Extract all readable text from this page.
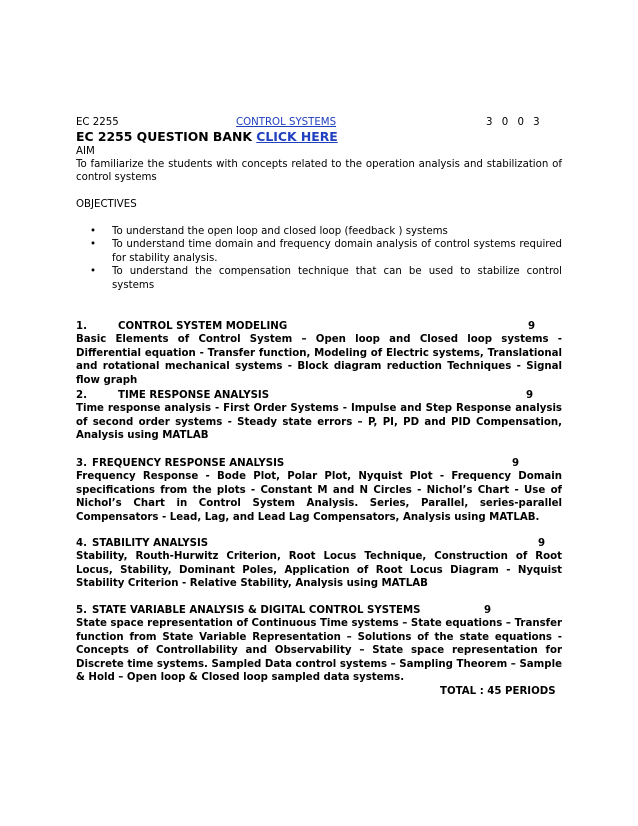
EC 2255	CONTROL SYSTEMS	3 0 0 3
EC 2255 QUESTION BANK CLICK HERE
AIM
To familiarize the students with concepts related to the operation analysis and stabilization of control systems
OBJECTIVES
• To understand the open loop and closed loop (feedback ) systems
• To understand time domain and frequency domain analysis of control systems required for stability analysis.
• To understand the compensation technique that can be used to stabilize control systems
1.	CONTROL SYSTEM MODELING	9
Basic Elements of Control System – Open loop and Closed loop systems - Differential equation - Transfer function, Modeling of Electric systems, Translational and rotational mechanical systems - Block diagram reduction Techniques - Signal flow graph
2.	TIME RESPONSE ANALYSIS	9
Time response analysis - First Order Systems - Impulse and Step Response analysis of second order systems - Steady state errors – P, PI, PD and PID Compensation, Analysis using MATLAB
3. FREQUENCY RESPONSE ANALYSIS	9
Frequency Response - Bode Plot, Polar Plot, Nyquist Plot - Frequency Domain specifications from the plots - Constant M and N Circles - Nichol’s Chart - Use of Nichol’s Chart in Control System Analysis. Series, Parallel, series-parallel Compensators - Lead, Lag, and Lead Lag Compensators, Analysis using MATLAB.
4. STABILITY ANALYSIS	9
Stability, Routh-Hurwitz Criterion, Root Locus Technique, Construction of Root Locus, Stability, Dominant Poles, Application of Root Locus Diagram - Nyquist Stability Criterion - Relative Stability, Analysis using MATLAB
5. STATE VARIABLE ANALYSIS & DIGITAL CONTROL SYSTEMS	9
State space representation of Continuous Time systems – State equations – Transfer function from State Variable Representation – Solutions of the state equations - Concepts of Controllability and Observability – State space representation for Discrete time systems. Sampled Data control systems – Sampling Theorem – Sample & Hold – Open loop & Closed loop sampled data systems.
TOTAL : 45 PERIODS
